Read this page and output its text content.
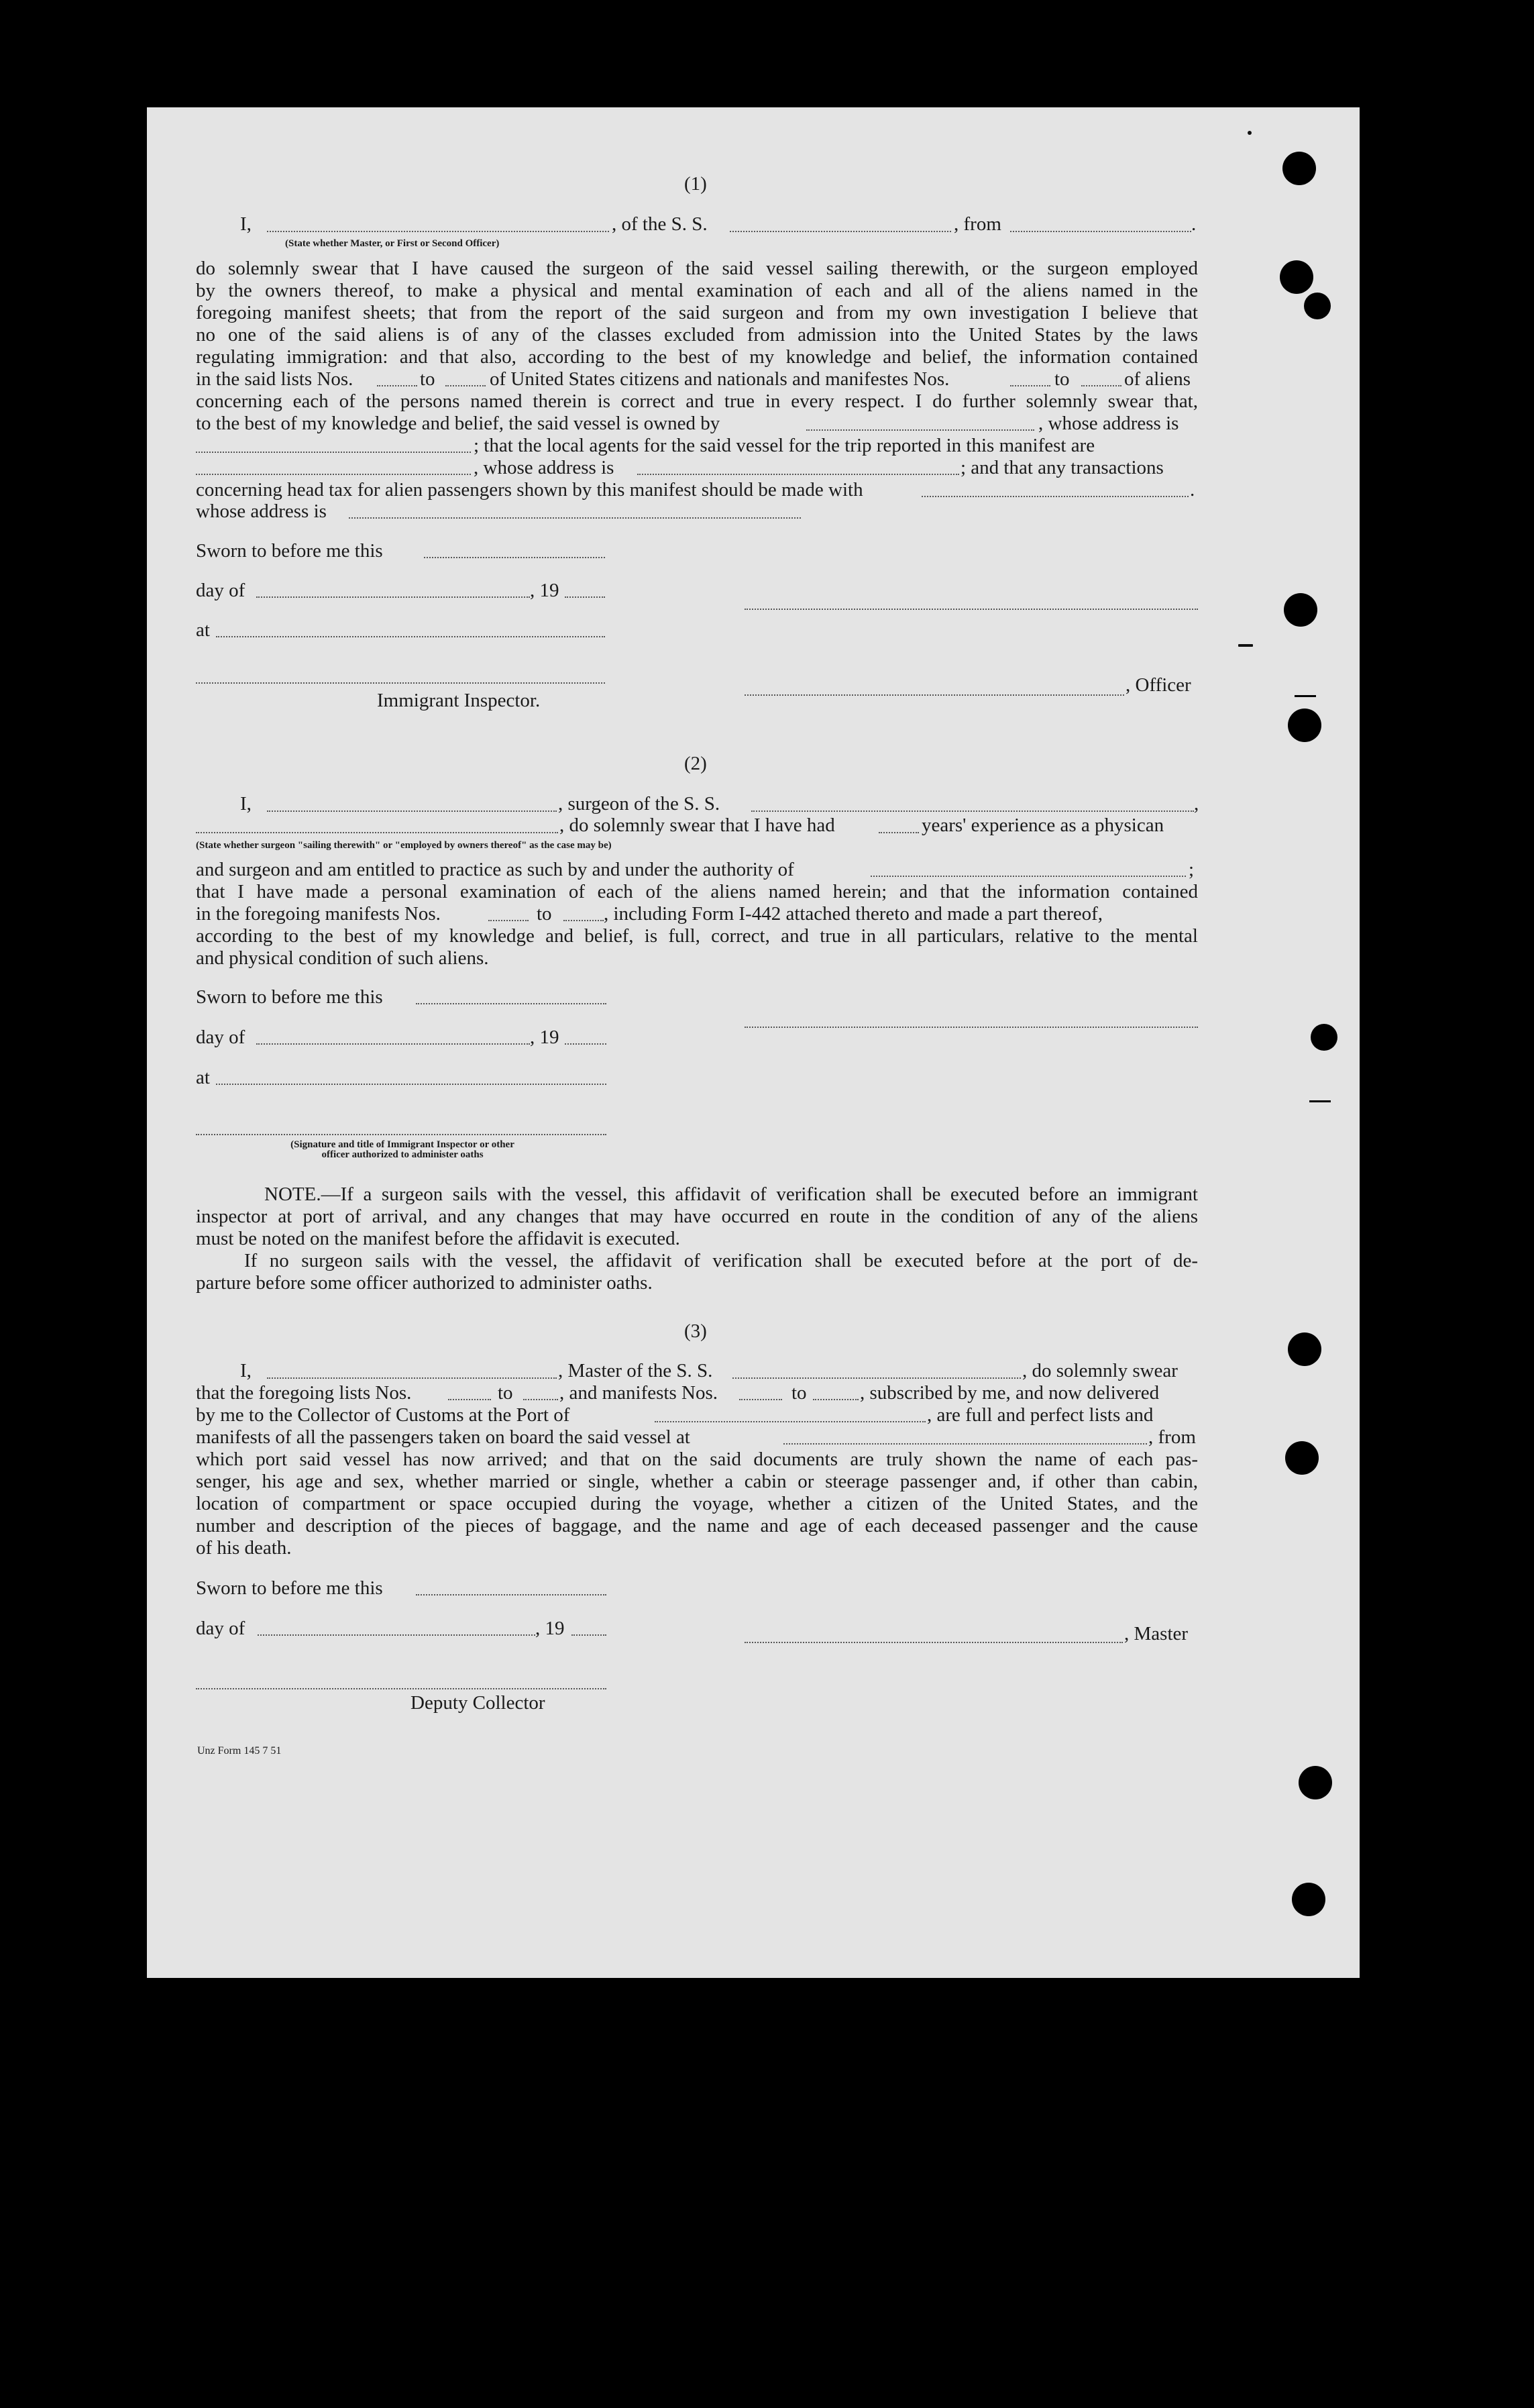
(1)
I,	, of the S. S.	, from	.
(State whether Master, or First or Second Officer)
do solemnly swear that I have caused the surgeon of the said vessel sailing therewith, or the surgeon employed
by the owners thereof, to make a physical and mental examination of each and all of the aliens named in the
foregoing manifest sheets; that from the report of the said surgeon and from my own investigation I believe that
no one of the said aliens is of any of the classes excluded from admission into the United States by the laws
regulating immigration: and that also, according to the best of my knowledge and belief, the information contained
in the said lists Nos.	to	of United States citizens and nationals and manifestes Nos.	to	of aliens
concerning each of the persons named therein is correct and true in every respect. I do further solemnly swear that,
to the best of my knowledge and belief, the said vessel is owned by	, whose address is
; that the local agents for the said vessel for the trip reported in this manifest are
, whose address is	; and that any transactions
concerning head tax for alien passengers shown by this manifest should be made with	.
whose address is
Sworn to before me this
day of	, 19
at
, Officer
Immigrant Inspector.
(2)
I,	, surgeon of the S. S.	,
, do solemnly swear that I have had	years' experience as a physican
(State whether surgeon "sailing therewith" or "employed by owners thereof" as the case may be)
and surgeon and am entitled to practice as such by and under the authority of	;
that I have made a personal examination of each of the aliens named herein; and that the information contained
in the foregoing manifests Nos.	to	, including Form I-442 attached thereto and made a part thereof,
according to the best of my knowledge and belief, is full, correct, and true in all particulars, relative to the mental
and physical condition of such aliens.
Sworn to before me this
day of	, 19
at
(Signature and title of Immigrant Inspector or other
officer authorized to administer oaths
NOTE.—If a surgeon sails with the vessel, this affidavit of verification shall be executed before an immigrant
inspector at port of arrival, and any changes that may have occurred en route in the condition of any of the aliens
must be noted on the manifest before the affidavit is executed.
If no surgeon sails with the vessel, the affidavit of verification shall be executed before at the port of de-
parture before some officer authorized to administer oaths.
(3)
I,	, Master of the S. S.	, do solemnly swear
that the foregoing lists Nos.	to , and manifests Nos.	to	, subscribed by me, and now delivered
by me to the Collector of Customs at the Port of	, are full and perfect lists and
manifests of all the passengers taken on board the said vessel at	, from
which port said vessel has now arrived; and that on the said documents are truly shown the name of each pas-
senger, his age and sex, whether married or single, whether a cabin or steerage passenger and, if other than cabin,
location of compartment or space occupied during the voyage, whether a citizen of the United States, and the
number and description of the pieces of baggage, and the name and age of each deceased passenger and the cause
of his death.
Sworn to before me this
day of	, 19	, Master
Deputy Collector
Unz Form 145 7 51
